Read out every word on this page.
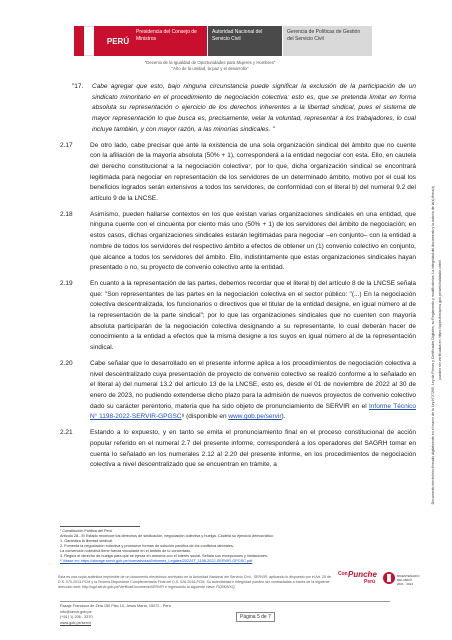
PERÚ
Presidencia del Consejo de Ministros
Autoridad Nacional del Servicio Civil
Gerencia de Políticas de Gestión del Servicio Civil
"Decenio de la Igualdad de Oportunidades para Mujeres y Hombres"
"Año de la unidad, la paz y el desarrollo"
"17.	Cabe agregar que esto, bajo ninguna circunstancia puede significar la exclusión de la participación de un sindicato minoritario en el procedimiento de negociación colectiva: esto es, que se pretenda limitar en forma absoluta su representación o ejercicio de los derechos inherentes a la libertad sindical, pues el sistema de mayor representación lo que busca es, precisamente, velar la voluntad, representar a los trabajadores, lo cual incluye también, y con mayor razón, a las minorías sindicales. "
2.17	De otro lado, cabe precisar que ante la existencia de una sola organización sindical del ámbito que no cuente con la afiliación de la mayoría absoluta (50% + 1), corresponderá a la entidad negociar con esta. Ello, en cautela del derecho constitucional a la negociación colectiva⁷, por lo que, dicha organización sindical se encontrará legitimada para negociar en representación de los servidores de un determinado ámbito, motivo por el cual los beneficios logrados serán extensivos a todos los servidores, de conformidad con el literal b) del numeral 9.2 del artículo 9 de la LNCSE.
2.18	Asimismo, pueden hallarse contextos en los que existan varias organizaciones sindicales en una entidad, que ninguna cuente con el cincuenta por ciento más uno (50% + 1) de los servidores del ámbito de negociación; en estos casos, dichas organizaciones sindicales estarán legitimadas para negociar –en conjunto– con la entidad a nombre de todos los servidores del respectivo ámbito a efectos de obtener un (1) convenio colectivo en conjunto, que alcance a todos los servidores del ámbito. Ello, indistintamente que estas organizaciones sindicales hayan presentado o no, su proyecto de convenio colectivo ante la entidad.
2.19	En cuanto a la representación de las partes, debemos recordar que el literal b) del artículo 8 de la LNCSE señala que: "Son representantes de las partes en la negociación colectiva en el sector público: "(...) En la negociación colectiva descentralizada, los funcionarios o directivos que el titular de la entidad designe, en igual número al de la representación de la parte sindical"; por lo que las organizaciones sindicales que no cuenten con mayoría absoluta participarán de la negociación colectiva designando a su representante, lo cual deberán hacer de conocimiento a la entidad a efectos que la misma designe a los suyos en igual número al de la representación sindical.
2.20	Cabe señalar que lo desarrollado en el presente informe aplica a los procedimientos de negociación colectiva a nivel descentralizado cuya presentación de proyecto de convenio colectivo se realizó conforme a lo señalado en el literal a) del numeral 13.2 del artículo 13 de la LNCSE, esto es, desde el 01 de noviembre de 2022 al 30 de enero de 2023, no pudiendo extenderse dicho plazo para la admisión de nuevos proyectos de convenio colectivo dado su carácter perentorio, materia que ha sido objeto de pronunciamiento de SERVIR en el Informe Técnico N° 1198-2022-SERVIR-GPGSC⁸ (disponible en www.gob.pe/servir).
2.21	Estando a lo expuesto, y en tanto se emita el pronunciamiento final en el proceso constitucional de acción popular referido en el numeral 2.7 del presente informe, corresponderá a los operadores del SAGRH tomar en cuenta lo señalado en los numerales 2.12 al 2.20 del presente informe, en los procedimientos de negociación colectiva a nivel descentralizado que se encuentran en trámite, a
⁷ Constitución Política del Perú
Artículo 28.- El Estado reconoce los derechos de sindicación, negociación colectiva y huelga. Cautela su ejercicio democrático:
1. Garantiza la libertad sindical.
2. Fomenta la negociación colectiva y promueve formas de solución pacífica de los conflictos laborales.
La convención colectiva tiene fuerza vinculante en el ámbito de lo concertado.
3. Regula el derecho de huelga para que se ejerza en armonía con el interés social. Señala sus excepciones y limitaciones.
⁸ Véase en: https://storage.servir.gob.pe/normatividad/Informes_Legales/2022/IT_1198-2022-SERVIR-GPGSC.pdf
Esta es una copia auténtica imprimible de un documento electrónico archivado en la Autoridad Nacional del Servicio Civil - SERVIR, aplicando lo dispuesto por el Art. 25 de D.S. 070-2013-PCM y la Tercera Disposición Complementaria Final del D.S. 026-2016-PCM. Su autenticidad e integridad pueden ser contrastadas a través de la siguiente dirección web: http://sgd.servir.gob.pe/VerificarDocumentoSERVIR e ingresando la siguiente clave: RQ0KWXQ
Con Punche
Perú
BICENTENARIO
DEL PERÚ
2021 - 2024
Pasaje Francisco de Zela 150 Piso 10, Jesús María, 15072 - Perú
info@servir.gob.pe
(+51) 1) 206 - 3370
www.gob.pe/servir
Página 5 de 7
Documento electrónico firmado digitalmente en el marco de la Ley N°27269, Ley de Firmas y Certificados Digitales, su Reglamento y modificatorias. La integridad del documento y la autoría de la(s) firma(s) pueden ser verificadas en: https://apps.firmaperu.gob.pe/web/validador.xhtml
